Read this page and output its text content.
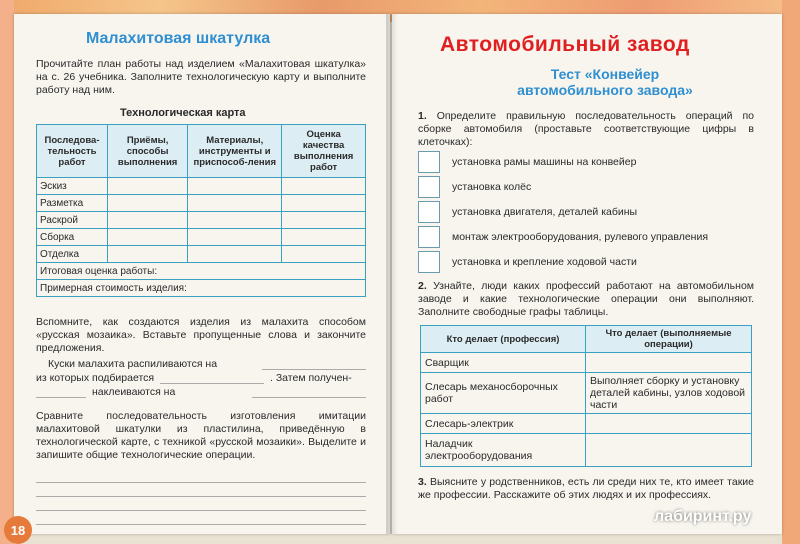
Малахитовая шкатулка
Прочитайте план работы над изделием «Малахитовая шкатулка» на с. 26 учебника. Заполните технологическую карту и выполните работу над ним.
Технологическая карта
Последова-тельность работ	Приёмы, способы выполнения	Материалы, инструменты и приспособ-ления	Оценка качества выполнения работ
Эскиз			
Разметка			
Раскрой			
Сборка			
Отделка			
Итоговая оценка работы:			
Примерная стоимость изделия:			
Вспомните, как создаются изделия из малахита способом «русская мозаика». Вставьте пропущенные слова и закончите предложения.
Куски малахита распиливаются на
из которых подбирается	. Затем получен-
наклеиваются на
Сравните последовательность изготовления имитации малахитовой шкатулки из пластилина, приведённую в технологической карте, с техникой «русской мозаики». Выделите и запишите общие технологические операции.
18
Автомобильный завод
Тест «Конвейер автомобильного завода»
1. Определите правильную последовательность операций по сборке автомобиля (проставьте соответствующие цифры в клеточках):
установка рамы машины на конвейер
установка колёс
установка двигателя, деталей кабины
монтаж электрооборудования, рулевого управления
установка и крепление ходовой части
2. Узнайте, люди каких профессий работают на автомобильном заводе и какие технологические операции они выполняют. Заполните свободные графы таблицы.
Кто делает (профессия)	Что делает (выполняемые операции)
Сварщик	
Слесарь механосборочных работ	Выполняет сборку и установку деталей кабины, узлов ходовой части
Слесарь-электрик	
Наладчик электрооборудования	
3. Выясните у родственников, есть ли среди них те, кто имеет такие же профессии. Расскажите об этих людях и их профессиях.
лабиринт.ру
